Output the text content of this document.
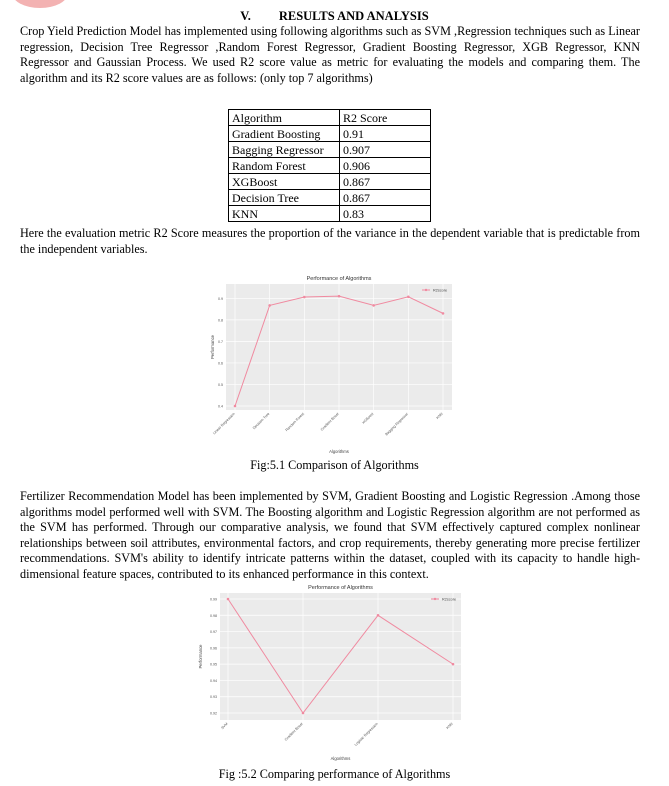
V. RESULTS AND ANALYSIS

Crop Yield Prediction Model has implemented using following algorithms such as SVM ,Regression techniques such as Linear regression, Decision Tree Regressor ,Random Forest Regressor, Gradient Boosting Regressor, XGB Regressor, KNN Regressor and Gaussian Process. We used R2 score value as metric for evaluating the models and comparing them. The algorithm and its R2 score values are as follows: (only top 7 algorithms)

Algorithm	R2 Score
Gradient Boosting	0.91
Bagging Regressor	0.907
Random Forest	0.906
XGBoost	0.867
Decision Tree	0.867
KNN	0.83

Here the evaluation metric R2 Score measures the proportion of the variance in the dependent variable that is predictable from the independent variables.

Performance of Algorithms
0.4
0.5
0.6
0.7
0.8
0.9
Linear Regression	Decision Tree	Random Forest	Gradient Boost	XGBoost	Bagging Regressor	KNN
Algorithms
Performance
R2score
Fig:5.1 Comparison of Algorithms

Fertilizer Recommendation Model has been implemented by SVM, Gradient Boosting and Logistic Regression .Among those algorithms model performed well with SVM. The Boosting algorithm and Logistic Regression algorithm are not performed as the SVM has performed. Through our comparative analysis, we found that SVM effectively captured complex nonlinear relationships between soil attributes, environmental factors, and crop requirements, thereby generating more precise fertilizer recommendations. SVM's ability to identify intricate patterns within the dataset, coupled with its capacity to handle high-dimensional feature spaces, contributed to its enhanced performance in this context.

Performance of Algorithms
0.92
0.93
0.94
0.95
0.96
0.97
0.98
0.99
SVM	Gradient Boost	Logistic Regression	KNN
Algorithms
Performance
R2score
Fig :5.2 Comparing performance of Algorithms
